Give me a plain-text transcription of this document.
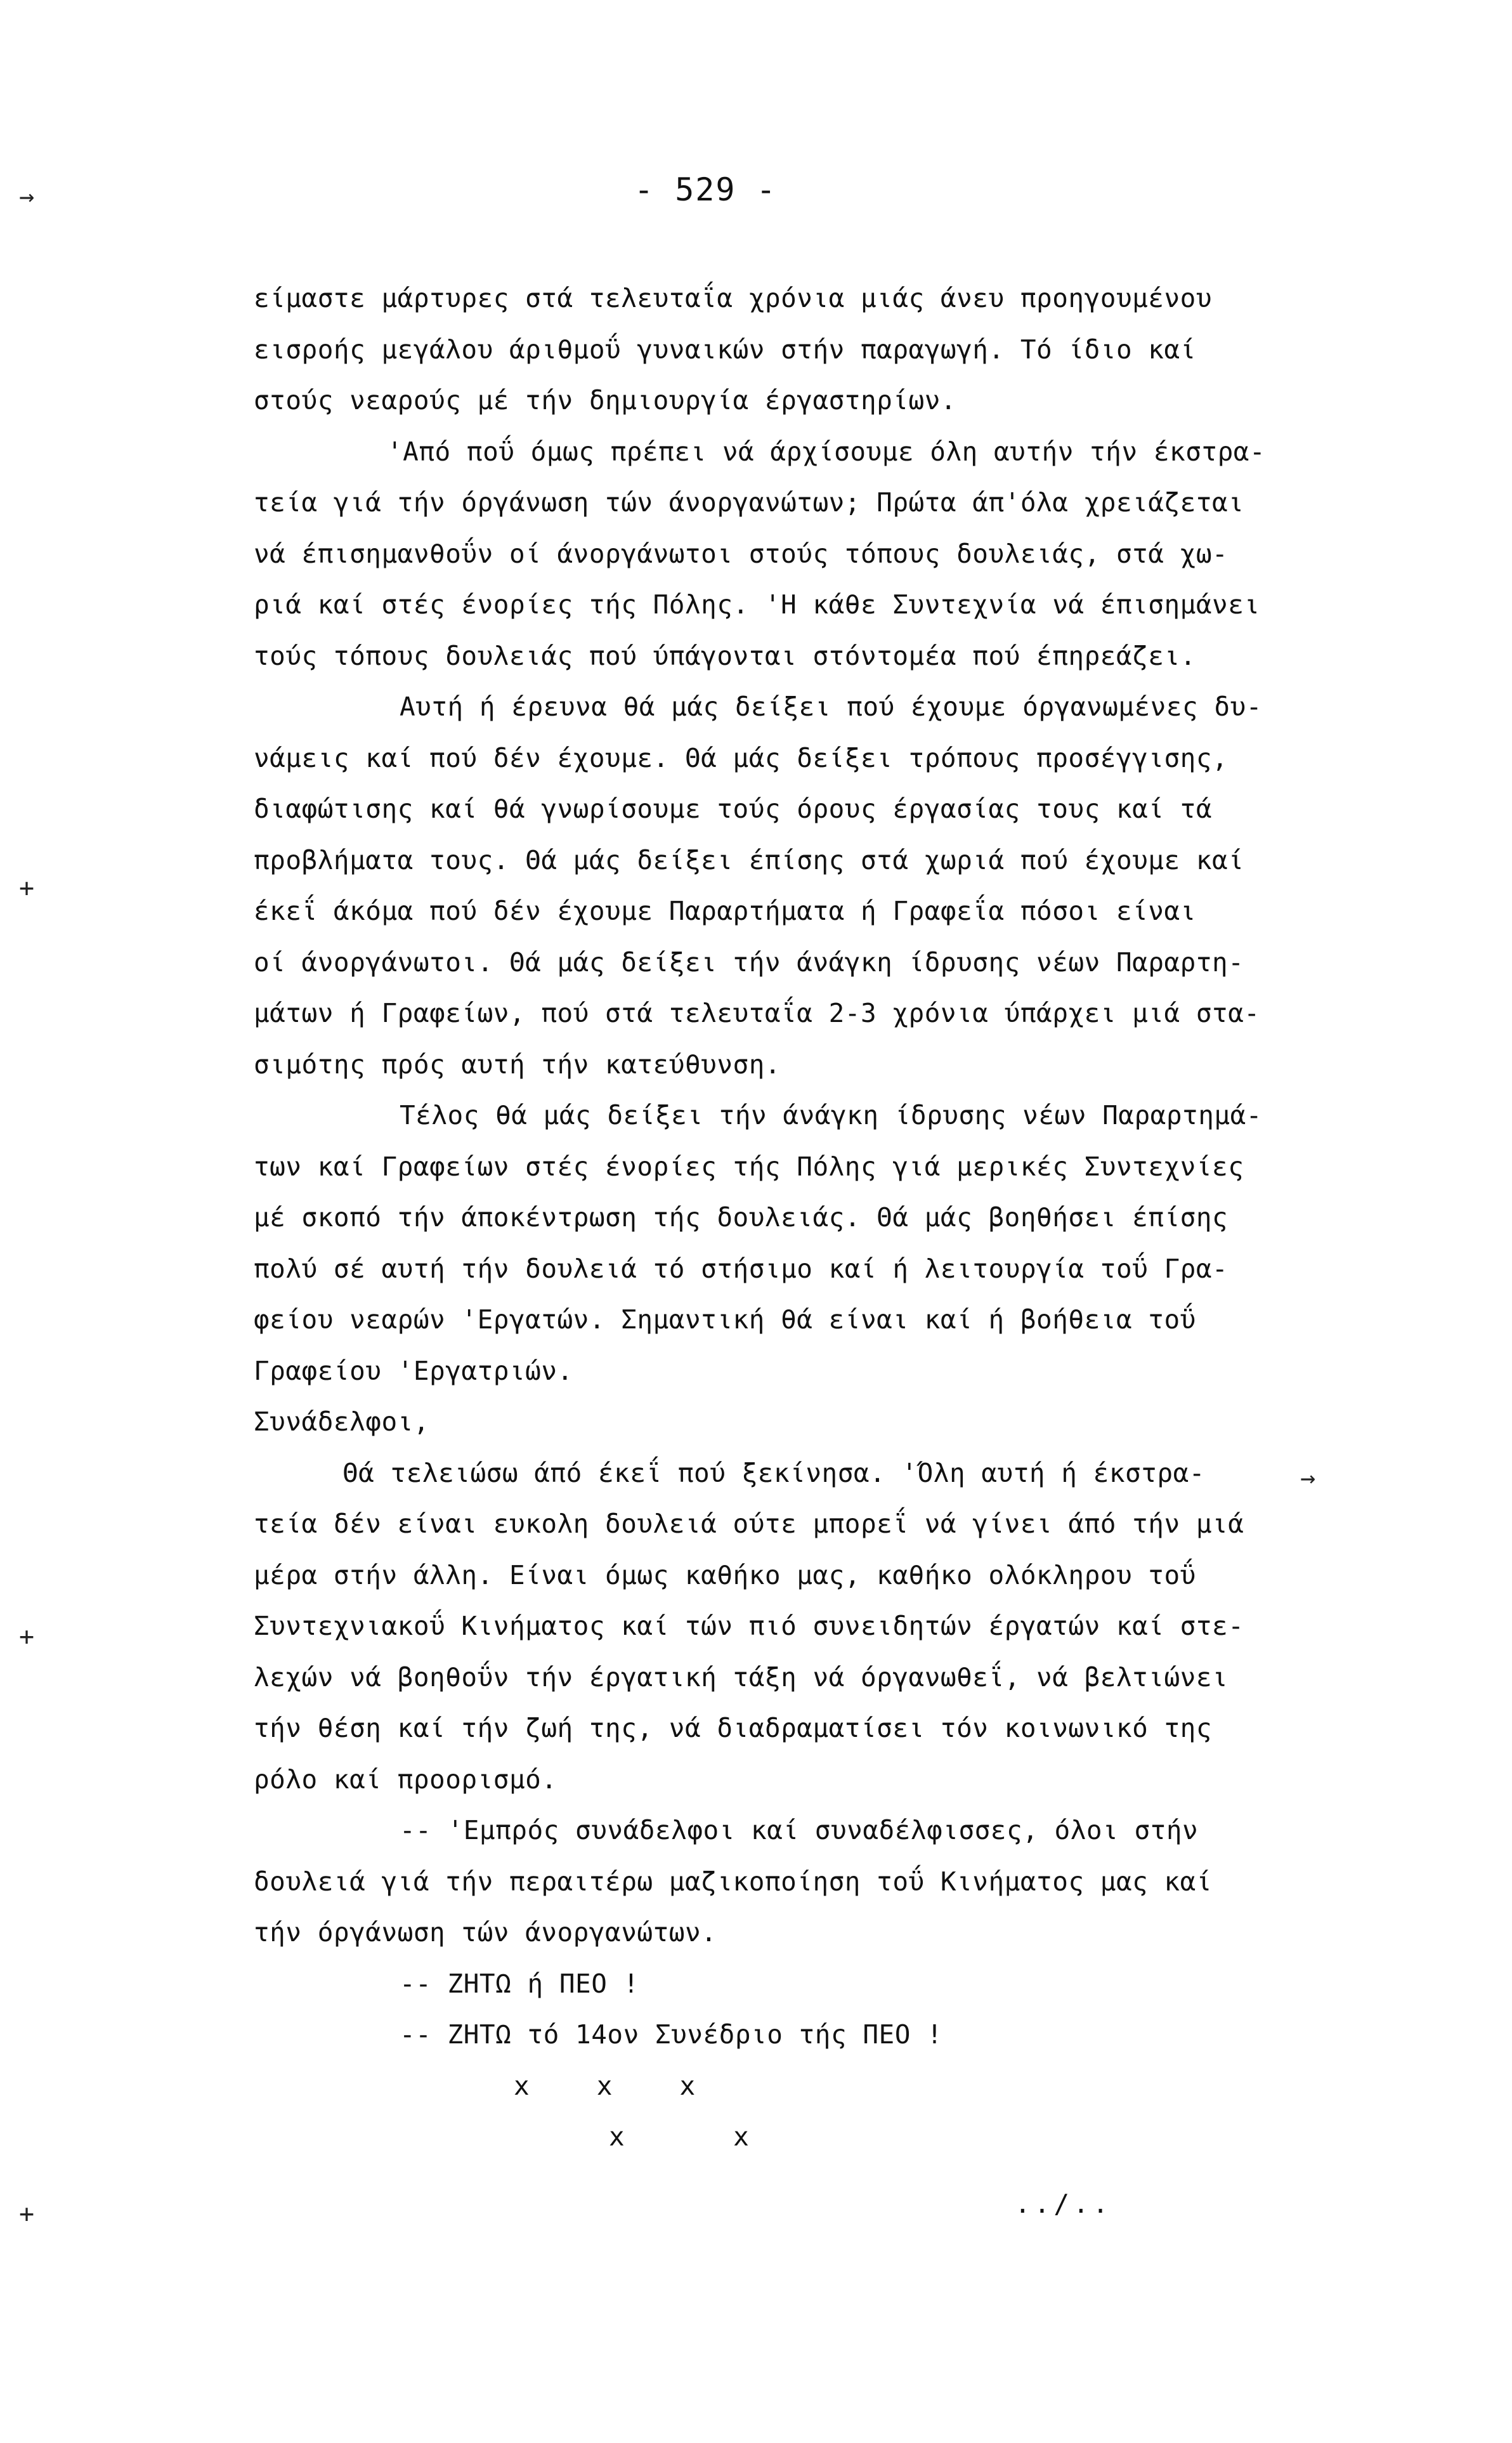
- 529 -
→
+
+
+
→
είμαστε μάρτυρες στά τελευταΐα χρόνια μιάς άνευ προηγουμένου
εισροής μεγάλου άριθμοΰ γυναικών στήν παραγωγή. Τό ίδιο καί
στούς νεαρούς μέ τήν δημιουργία έργαστηρίων.
'Από ποΰ όμως πρέπει νά άρχίσουμε όλη αυτήν τήν έκστρα-
τεία γιά τήν όργάνωση τών άνοργανώτων; Πρώτα άπ'όλα χρειάζεται
νά έπισημανθοΰν οί άνοργάνωτοι στούς τόπους δουλειάς, στά χω-
ριά καί στές ένορίες τής Πόλης. 'Η κάθε Συντεχνία νά έπισημάνει
τούς τόπους δουλειάς πού ύπάγονται στόντομέα πού έπηρεάζει.
Αυτή ή έρευνα θά μάς δείξει πού έχουμε όργανωμένες δυ-
νάμεις καί πού δέν έχουμε. Θά μάς δείξει τρόπους προσέγγισης,
διαφώτισης καί θά γνωρίσουμε τούς όρους έργασίας τους καί τά
προβλήματα τους. Θά μάς δείξει έπίσης στά χωριά πού έχουμε καί
έκεΐ άκόμα πού δέν έχουμε Παραρτήματα ή Γραφεΐα πόσοι είναι
οί άνοργάνωτοι. Θά μάς δείξει τήν άνάγκη ίδρυσης νέων Παραρτη-
μάτων ή Γραφείων, πού στά τελευταΐα 2-3 χρόνια ύπάρχει μιά στα-
σιμότης πρός αυτή τήν κατεύθυνση.
Τέλος θά μάς δείξει τήν άνάγκη ίδρυσης νέων Παραρτημά-
των καί Γραφείων στές ένορίες τής Πόλης γιά μερικές Συντεχνίες
μέ σκοπό τήν άποκέντρωση τής δουλειάς. Θά μάς βοηθήσει έπίσης
πολύ σέ αυτή τήν δουλειά τό στήσιμο καί ή λειτουργία τοΰ Γρα-
φείου νεαρών 'Εργατών. Σημαντική θά είναι καί ή βοήθεια τοΰ
Γραφείου 'Εργατριών.
Συνάδελφοι,
Θά τελειώσω άπό έκεΐ πού ξεκίνησα. 'Όλη αυτή ή έκστρα-
τεία δέν είναι ευκολη δουλειά ούτε μπορεΐ νά γίνει άπό τήν μιά
μέρα στήν άλλη. Είναι όμως καθήκο μας, καθήκο ολόκληρου τοΰ
Συντεχνιακοΰ Κινήματος καί τών πιό συνειδητών έργατών καί στε-
λεχών νά βοηθοΰν τήν έργατική τάξη νά όργανωθεΐ, νά βελτιώνει
τήν θέση καί τήν ζωή της, νά διαδραματίσει τόν κοινωνικό της
ρόλο καί προορισμό.
-- 'Εμπρός συνάδελφοι καί συναδέλφισσες, όλοι στήν
δουλειά γιά τήν περαιτέρω μαζικοποίηση τοΰ Κινήματος μας καί
τήν όργάνωση τών άνοργανώτων.
-- ΖΗΤΩ ή ΠΕΟ !
-- ΖΗΤΩ τό 14ον Συνέδριο τής ΠΕΟ !
x   x   x
x     x
../..
